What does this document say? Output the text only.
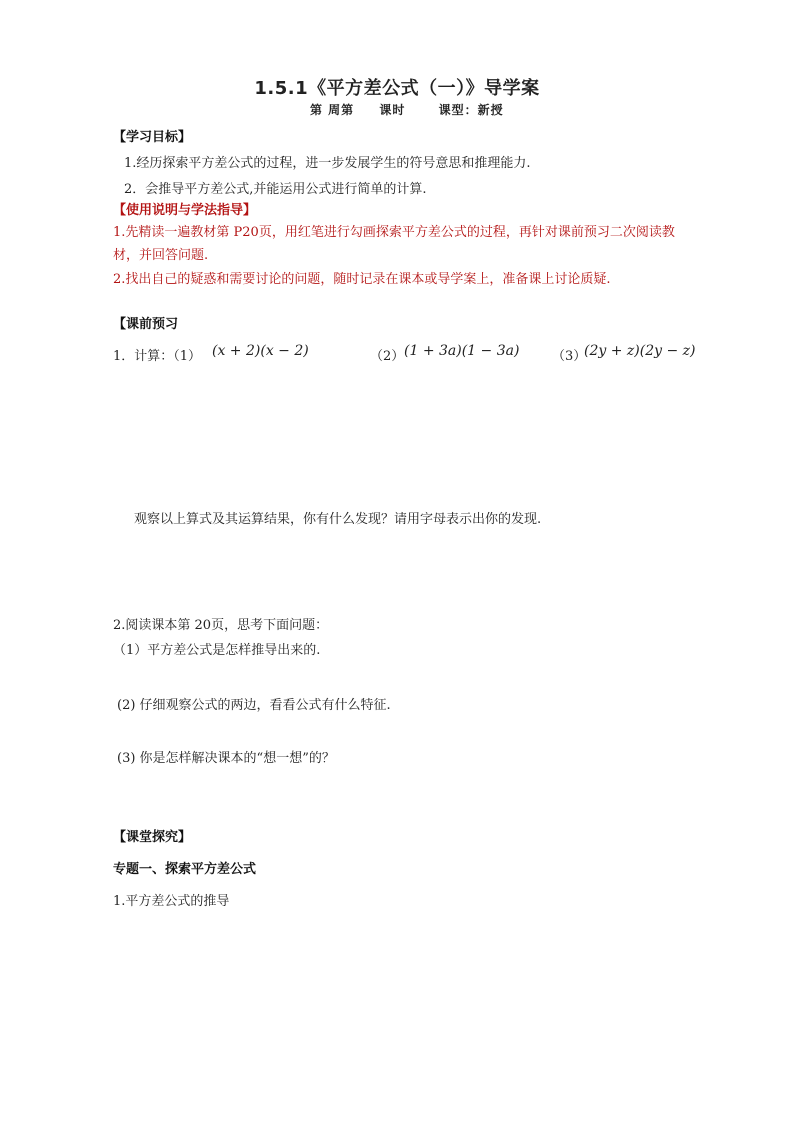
1.5.1《平方差公式（一）》导学案
第 周第 课时	课型：新授
【学习目标】
1.经历探索平方差公式的过程，进一步发展学生的符号意思和推理能力.
2．会推导平方差公式,并能运用公式进行简单的计算.
【使用说明与学法指导】
1.先精读一遍教材第 P20页，用红笔进行勾画探索平方差公式的过程，再针对课前预习二次阅读教
材，并回答问题.
2.找出自己的疑惑和需要讨论的问题，随时记录在课本或导学案上，准备课上讨论质疑.
【课前预习
1．计算：（1） (x + 2)(x − 2)	（2） (1 + 3a)(1 − 3a)	（3）
(2y + z)(2y − z)
观察以上算式及其运算结果，你有什么发现？请用字母表示出你的发现.
2.阅读课本第 20页，思考下面问题：
（1）平方差公式是怎样推导出来的.
(2) 仔细观察公式的两边，看看公式有什么特征.
(3) 你是怎样解决课本的“想一想”的？
【课堂探究】
专题一、探索平方差公式
1.平方差公式的推导
